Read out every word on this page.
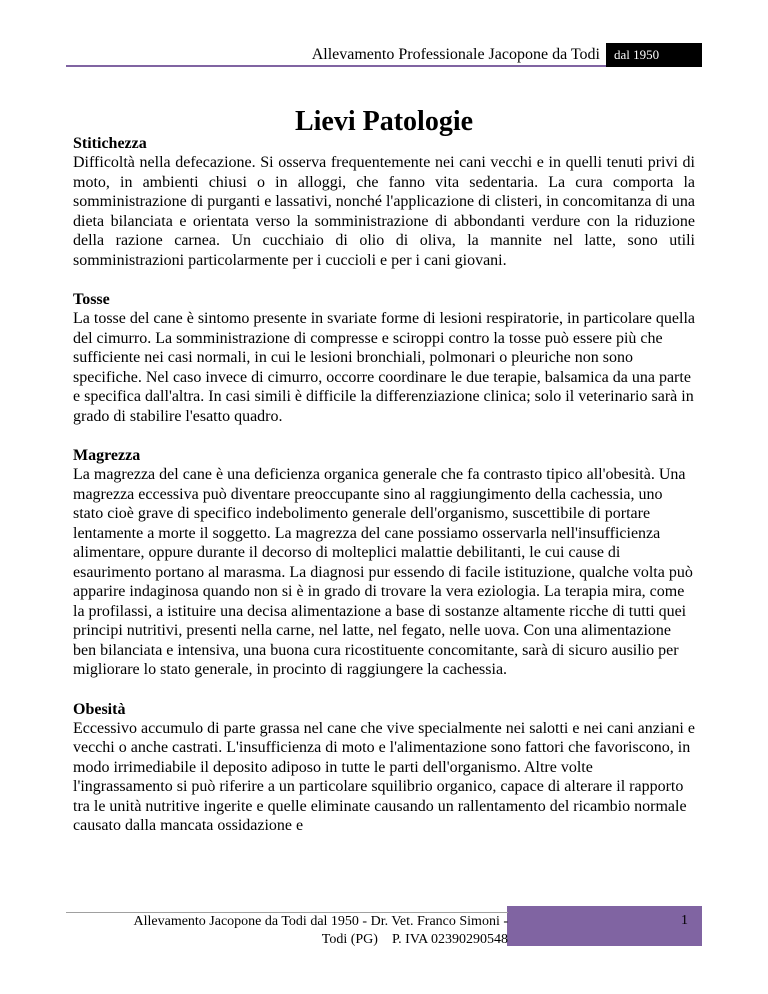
Allevamento Professionale Jacopone da Todi	dal 1950
Lievi Patologie

Stitichezza

Difficoltà nella defecazione. Si osserva frequentemente nei cani vecchi e in quelli tenuti privi di moto, in ambienti chiusi o in alloggi, che fanno vita sedentaria. La cura comporta la somministrazione di purganti e lassativi, nonché l'applicazione di clisteri, in concomitanza di una dieta bilanciata e orientata verso la somministrazione di abbondanti verdure con la riduzione della razione carnea. Un cucchiaio di olio di oliva, la mannite nel latte, sono utili somministrazioni particolarmente per i cuccioli e per i cani giovani.

Tosse

La tosse del cane è sintomo presente in svariate forme di lesioni respiratorie, in particolare quella del cimurro. La somministrazione di compresse e sciroppi contro la tosse può essere più che sufficiente nei casi normali, in cui le lesioni bronchiali, polmonari o pleuriche non sono specifiche. Nel caso invece di cimurro, occorre coordinare le due terapie, balsamica da una parte e specifica dall'altra. In casi simili è difficile la differenziazione clinica; solo il veterinario sarà in grado di stabilire l'esatto quadro.

Magrezza

La magrezza del cane è una deficienza organica generale che fa contrasto tipico all'obesità. Una magrezza eccessiva può diventare preoccupante sino al raggiungimento della cachessia, uno stato cioè grave di specifico indebolimento generale dell'organismo, suscettibile di portare lentamente a morte il soggetto. La magrezza del cane possiamo osservarla nell'insufficienza alimentare, oppure durante il decorso di molteplici malattie debilitanti, le cui cause di esaurimento portano al marasma. La diagnosi pur essendo di facile istituzione, qualche volta può apparire indaginosa quando non si è in grado di trovare la vera eziologia. La terapia mira, come la profilassi, a istituire una decisa alimentazione a base di sostanze altamente ricche di tutti quei principi nutritivi, presenti nella carne, nel latte, nel fegato, nelle uova. Con una alimentazione ben bilanciata e intensiva, una buona cura ricostituente concomitante, sarà di sicuro ausilio per migliorare lo stato generale, in procinto di raggiungere la cachessia.

Obesità

Eccessivo accumulo di parte grassa nel cane che vive specialmente nei salotti e nei cani anziani e vecchi o anche castrati. L'insufficienza di moto e l'alimentazione sono fattori che favoriscono, in modo irrimediabile il deposito adiposo in tutte le parti dell'organismo. Altre volte l'ingrassamento si può riferire a un particolare squilibrio organico, capace di alterare il rapporto tra le unità nutritive ingerite e quelle eliminate causando un rallentamento del ricambio normale causato dalla mancata ossidazione e

1
Allevamento Jacopone da Todi dal 1950 - Dr. Vet. Franco Simoni -
Todi (PG)    P. IVA 02390290548
